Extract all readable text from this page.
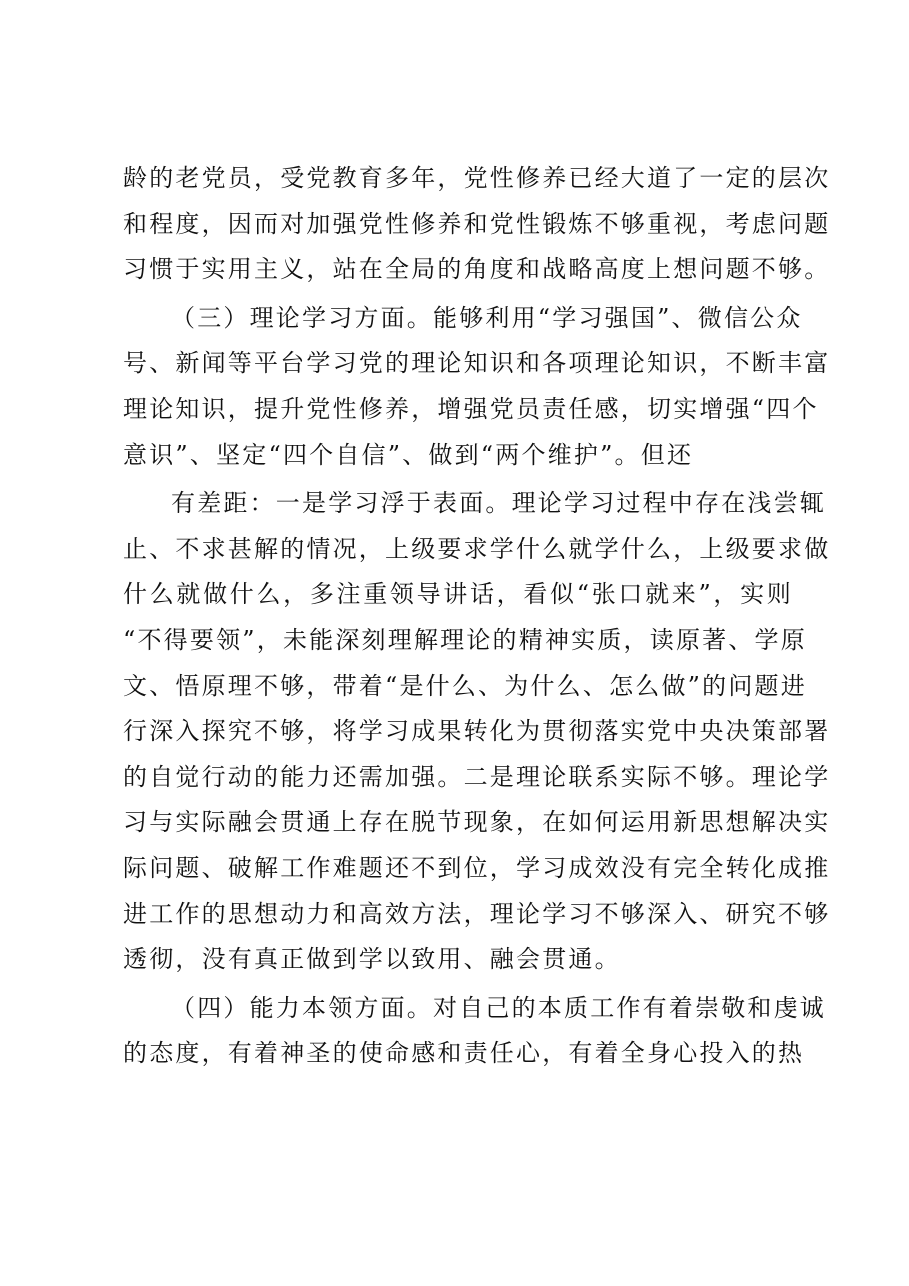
龄的老党员，受党教育多年，党性修养已经大道了一定的层次
和程度，因而对加强党性修养和党性锻炼不够重视，考虑问题
习惯于实用主义，站在全局的角度和战略高度上想问题不够。
（三）理论学习方面。能够利用“学习强国”、微信公众
号、新闻等平台学习党的理论知识和各项理论知识，不断丰富
理论知识，提升党性修养，增强党员责任感，切实增强“四个
意识”、坚定“四个自信”、做到“两个维护”。但还
有差距：一是学习浮于表面。理论学习过程中存在浅尝辄
止、不求甚解的情况，上级要求学什么就学什么，上级要求做
什么就做什么，多注重领导讲话，看似“张口就来”，实则
“不得要领”，未能深刻理解理论的精神实质，读原著、学原
文、悟原理不够，带着“是什么、为什么、怎么做”的问题进
行深入探究不够，将学习成果转化为贯彻落实党中央决策部署
的自觉行动的能力还需加强。二是理论联系实际不够。理论学
习与实际融会贯通上存在脱节现象，在如何运用新思想解决实
际问题、破解工作难题还不到位，学习成效没有完全转化成推
进工作的思想动力和高效方法，理论学习不够深入、研究不够
透彻，没有真正做到学以致用、融会贯通。
（四）能力本领方面。对自己的本质工作有着崇敬和虔诚
的态度，有着神圣的使命感和责任心，有着全身心投入的热
